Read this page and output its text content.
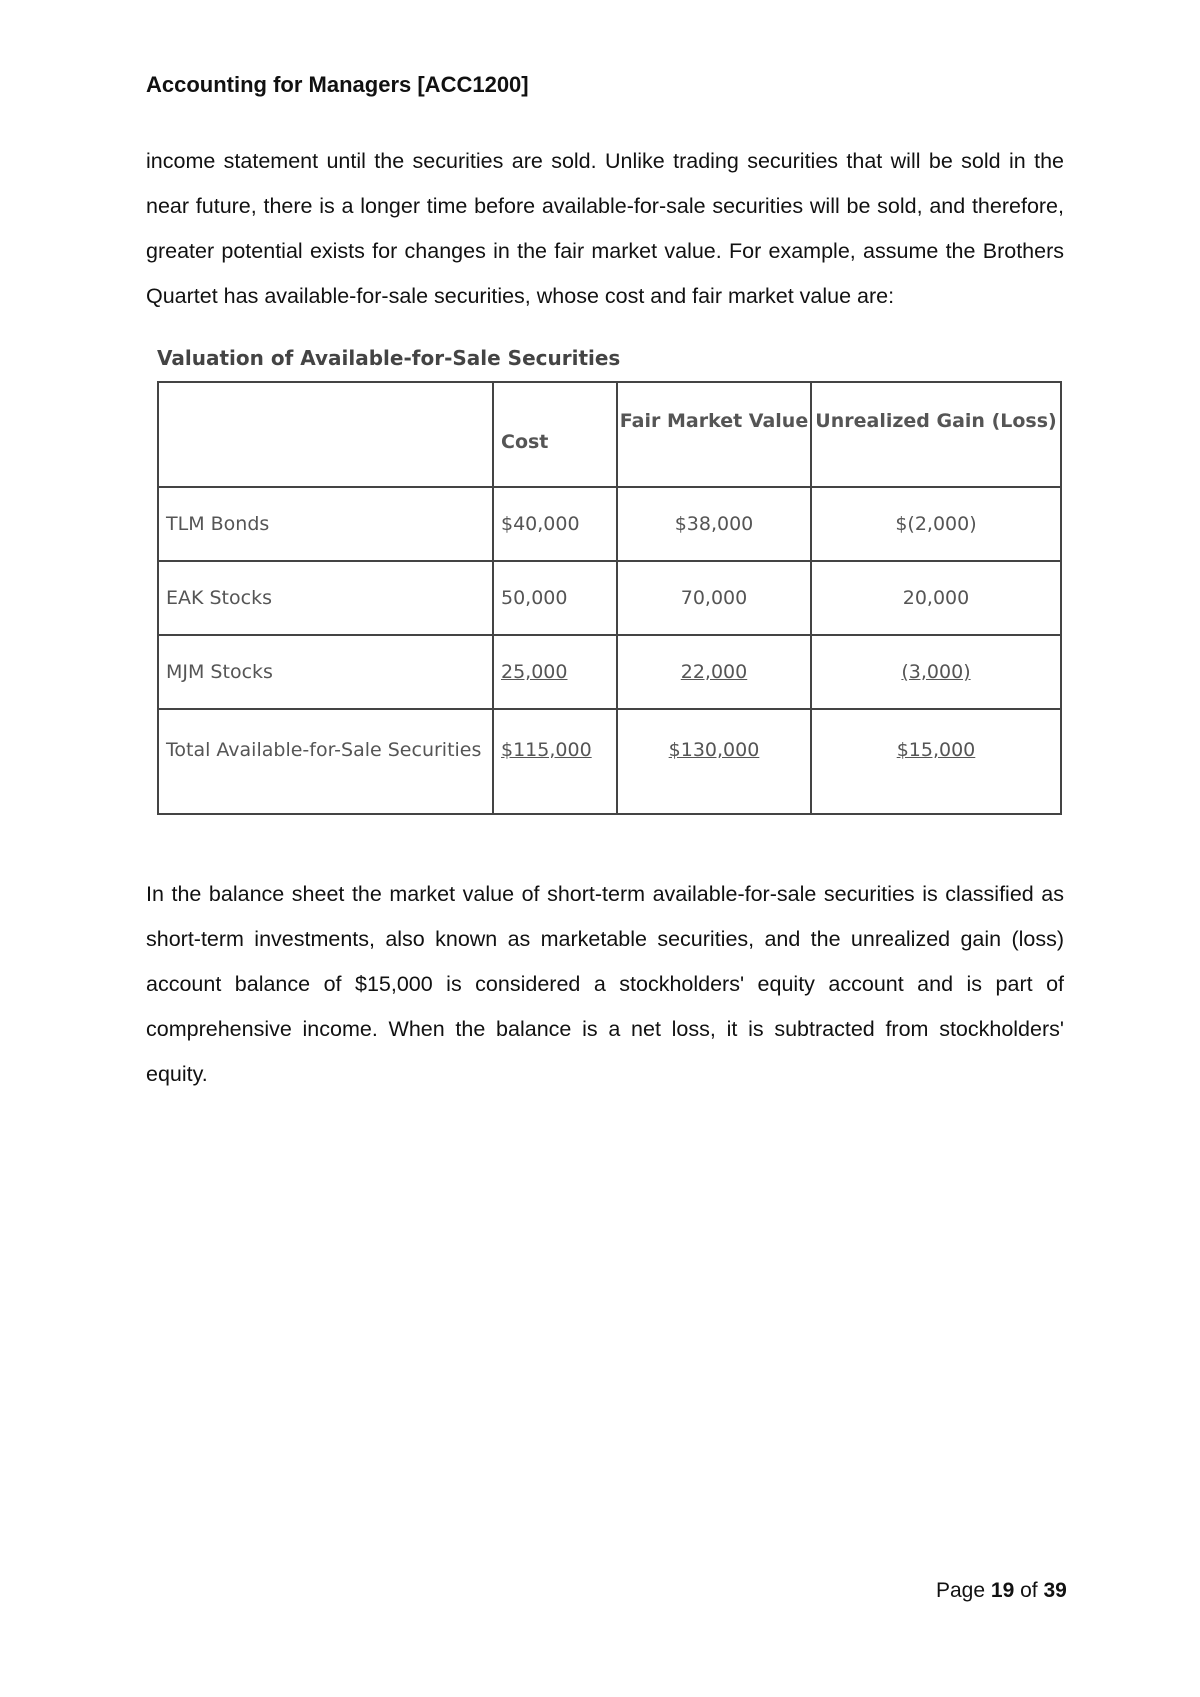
Accounting for Managers [ACC1200]
income statement until the securities are sold. Unlike trading securities that will be sold in the near future, there is a longer time before available-for-sale securities will be sold, and therefore, greater potential exists for changes in the fair market value. For example, assume the Brothers Quartet has available-for-sale securities, whose cost and fair market value are:
Valuation of Available-for-Sale Securities
	Cost	Fair Market Value	Unrealized Gain (Loss)
TLM Bonds	$40,000	$38,000	$(2,000)
EAK Stocks	50,000	70,000	20,000
MJM Stocks	25,000	22,000	(3,000)
Total Available-for-Sale Securities	$115,000	$130,000	$15,000
In the balance sheet the market value of short-term available-for-sale securities is classified as short-term investments, also known as marketable securities, and the unrealized gain (loss) account balance of $15,000 is considered a stockholders' equity account and is part of comprehensive income. When the balance is a net loss, it is subtracted from stockholders' equity.
Page 19 of 39
